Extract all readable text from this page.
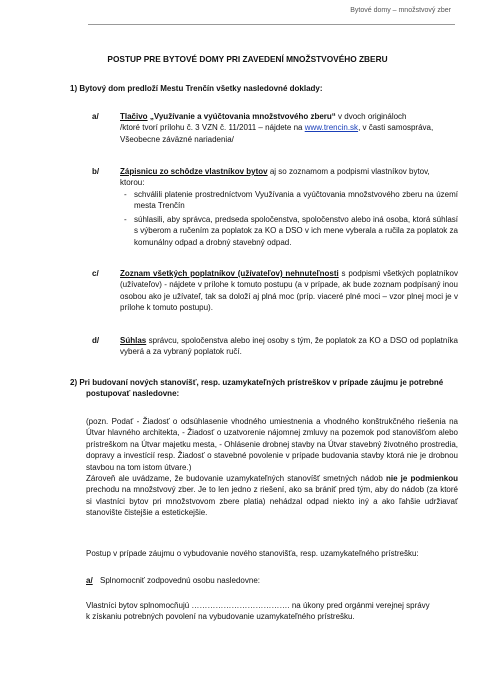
Bytové domy – množstvový zber
POSTUP PRE BYTOVÉ DOMY PRI ZAVEDENÍ MNOŽSTVOVÉHO ZBERU
1) Bytový dom predloží Mestu Trenčín všetky nasledovné doklady:
a/	Tlačivo „Využívanie a vyúčtovania množstvového zberu“ v dvoch origináloch

/ktoré tvorí prílohu č. 3 VZN č. 11/2011 – nájdete na www.trencin.sk, v časti samospráva,

Všeobecne záväzné nariadenia/

b/	Zápisnicu zo schôdze vlastníkov bytov aj so zoznamom a podpismi vlastníkov bytov,

ktorou:

- schválili platenie prostredníctvom Využívania a vyúčtovania množstvového zberu na území mesta Trenčín
- súhlasili, aby správca, predseda spoločenstva, spoločenstvo alebo iná osoba, ktorá súhlasí s výberom a ručením za poplatok za KO a DSO v ich mene vyberala a ručila za poplatok za komunálny odpad a drobný stavebný odpad.
c/	Zoznam všetkých poplatníkov (užívateľov) nehnuteľnosti s podpismi všetkých poplatníkov (užívateľov) - nájdete v prílohe k tomuto postupu (a v prípade, ak bude zoznam podpísaný inou osobou ako je užívateľ, tak sa doloží aj plná moc (príp. viaceré plné moci – vzor plnej moci je v prílohe k tomuto postupu).
d/	Súhlas správcu, spoločenstva alebo inej osoby s tým, že poplatok za KO a DSO od poplatníka vyberá a za vybraný poplatok ručí.

2) Pri budovaní nových stanovíšť, resp. uzamykateľných prístreškov v prípade záujmu je potrebné

postupovať nasledovne:

(pozn. Podať - Žiadosť o odsúhlasenie vhodného umiestnenia a vhodného konštrukčného riešenia na Útvar hlavného architekta, - Žiadosť o uzatvorenie nájomnej zmluvy na pozemok pod stanovišťom alebo prístreškom na Útvar majetku mesta, - Ohlásenie drobnej stavby na Útvar stavebný životného prostredia, dopravy a investícií resp. Žiadosť o stavebné povolenie v prípade budovania stavby ktorá nie je drobnou stavbou na tom istom útvare.)

Zároveň ale uvádzame, že budovanie uzamykateľných stanovíšť smetných nádob nie je podmienkou prechodu na množstvový zber. Je to len jedno z riešení, ako sa brániť pred tým, aby do nádob (za ktoré si vlastníci bytov pri množstvovom zbere platia) nehádzal odpad niekto iný a ako ľahšie udržiavať stanovište čistejšie a estetickejšie.

Postup v prípade záujmu o vybudovanie nového stanovišťa, resp. uzamykateľného prístrešku:
a/ Splnomocniť zodpovednú osobu nasledovne:

Vlastníci bytov splnomocňujú ………………………………. na úkony pred orgánmi verejnej správy

k získaniu potrebných povolení na vybudovanie uzamykateľného prístrešku.
